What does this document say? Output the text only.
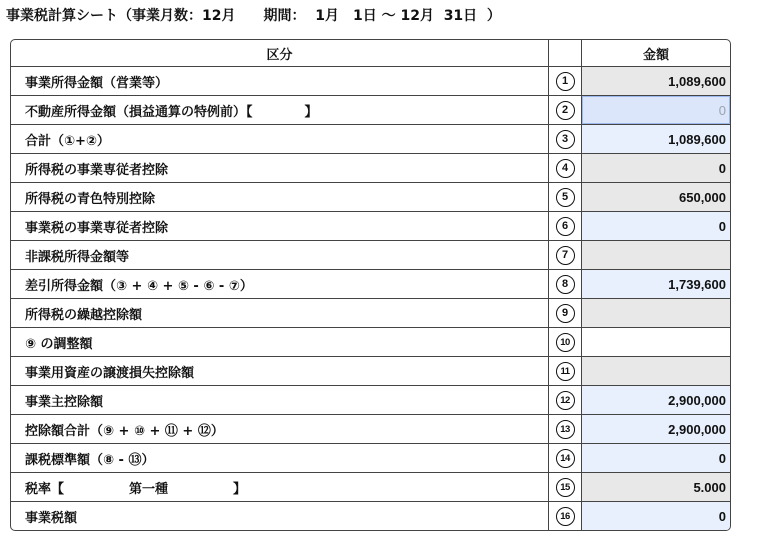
事業税計算シート（事業月数：12月　　期間：  1月　1日 ～ 12月  31日  ）
区分	金額
事業所得金額（営業等）	1	1,089,600
不動産所得金額（損益通算の特例前）【　　　　】	2	0
合計（①+②）	3	1,089,600
所得税の事業専従者控除	4	0
所得税の青色特別控除	5	650,000
事業税の事業専従者控除	6	0
非課税所得金額等	7
差引所得金額（③ + ④ + ⑤ - ⑥ - ⑦）	8	1,739,600
所得税の繰越控除額	9
⑨ の調整額	10
事業用資産の譲渡損失控除額	11
事業主控除額	12	2,900,000
控除額合計（⑨ + ⑩ + ⑪ + ⑫）	13	2,900,000
課税標準額（⑧ - ⑬）	14	0
税率【　　　　　第一種　　　　　】	15	5.000
事業税額	16	0
